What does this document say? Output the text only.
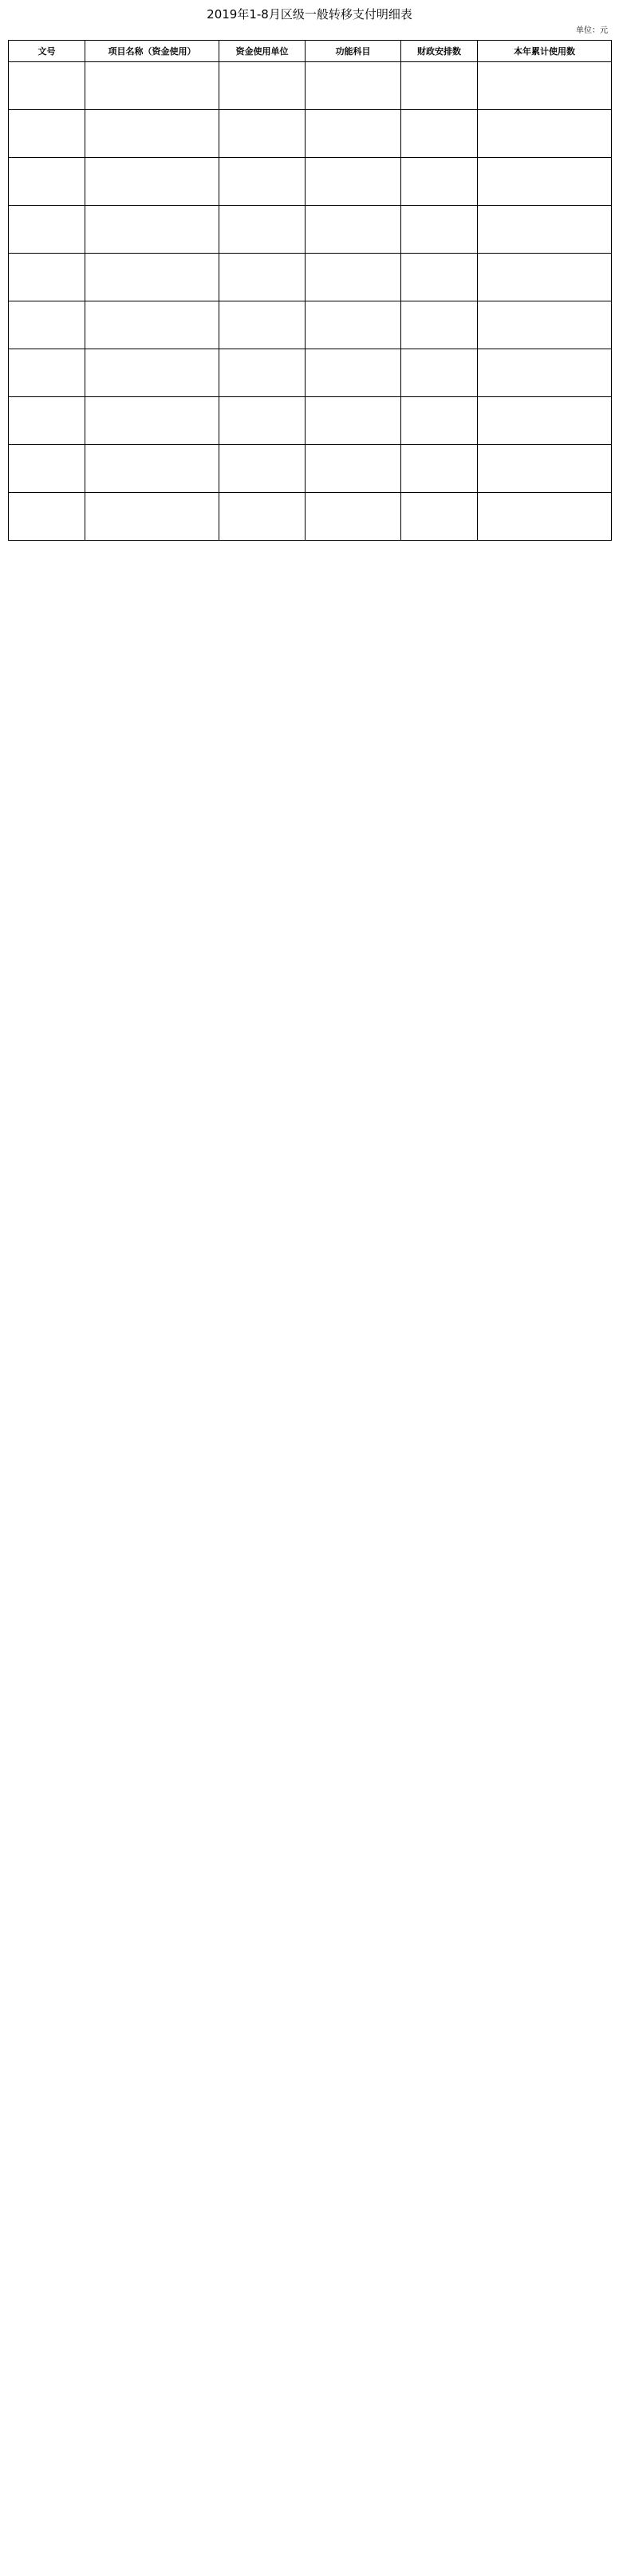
2019年1-8月区级一般转移支付明细表
单位：元
文号	项目名称（资金使用）	资金使用单位	功能科目	财政安排数	本年累计使用数
